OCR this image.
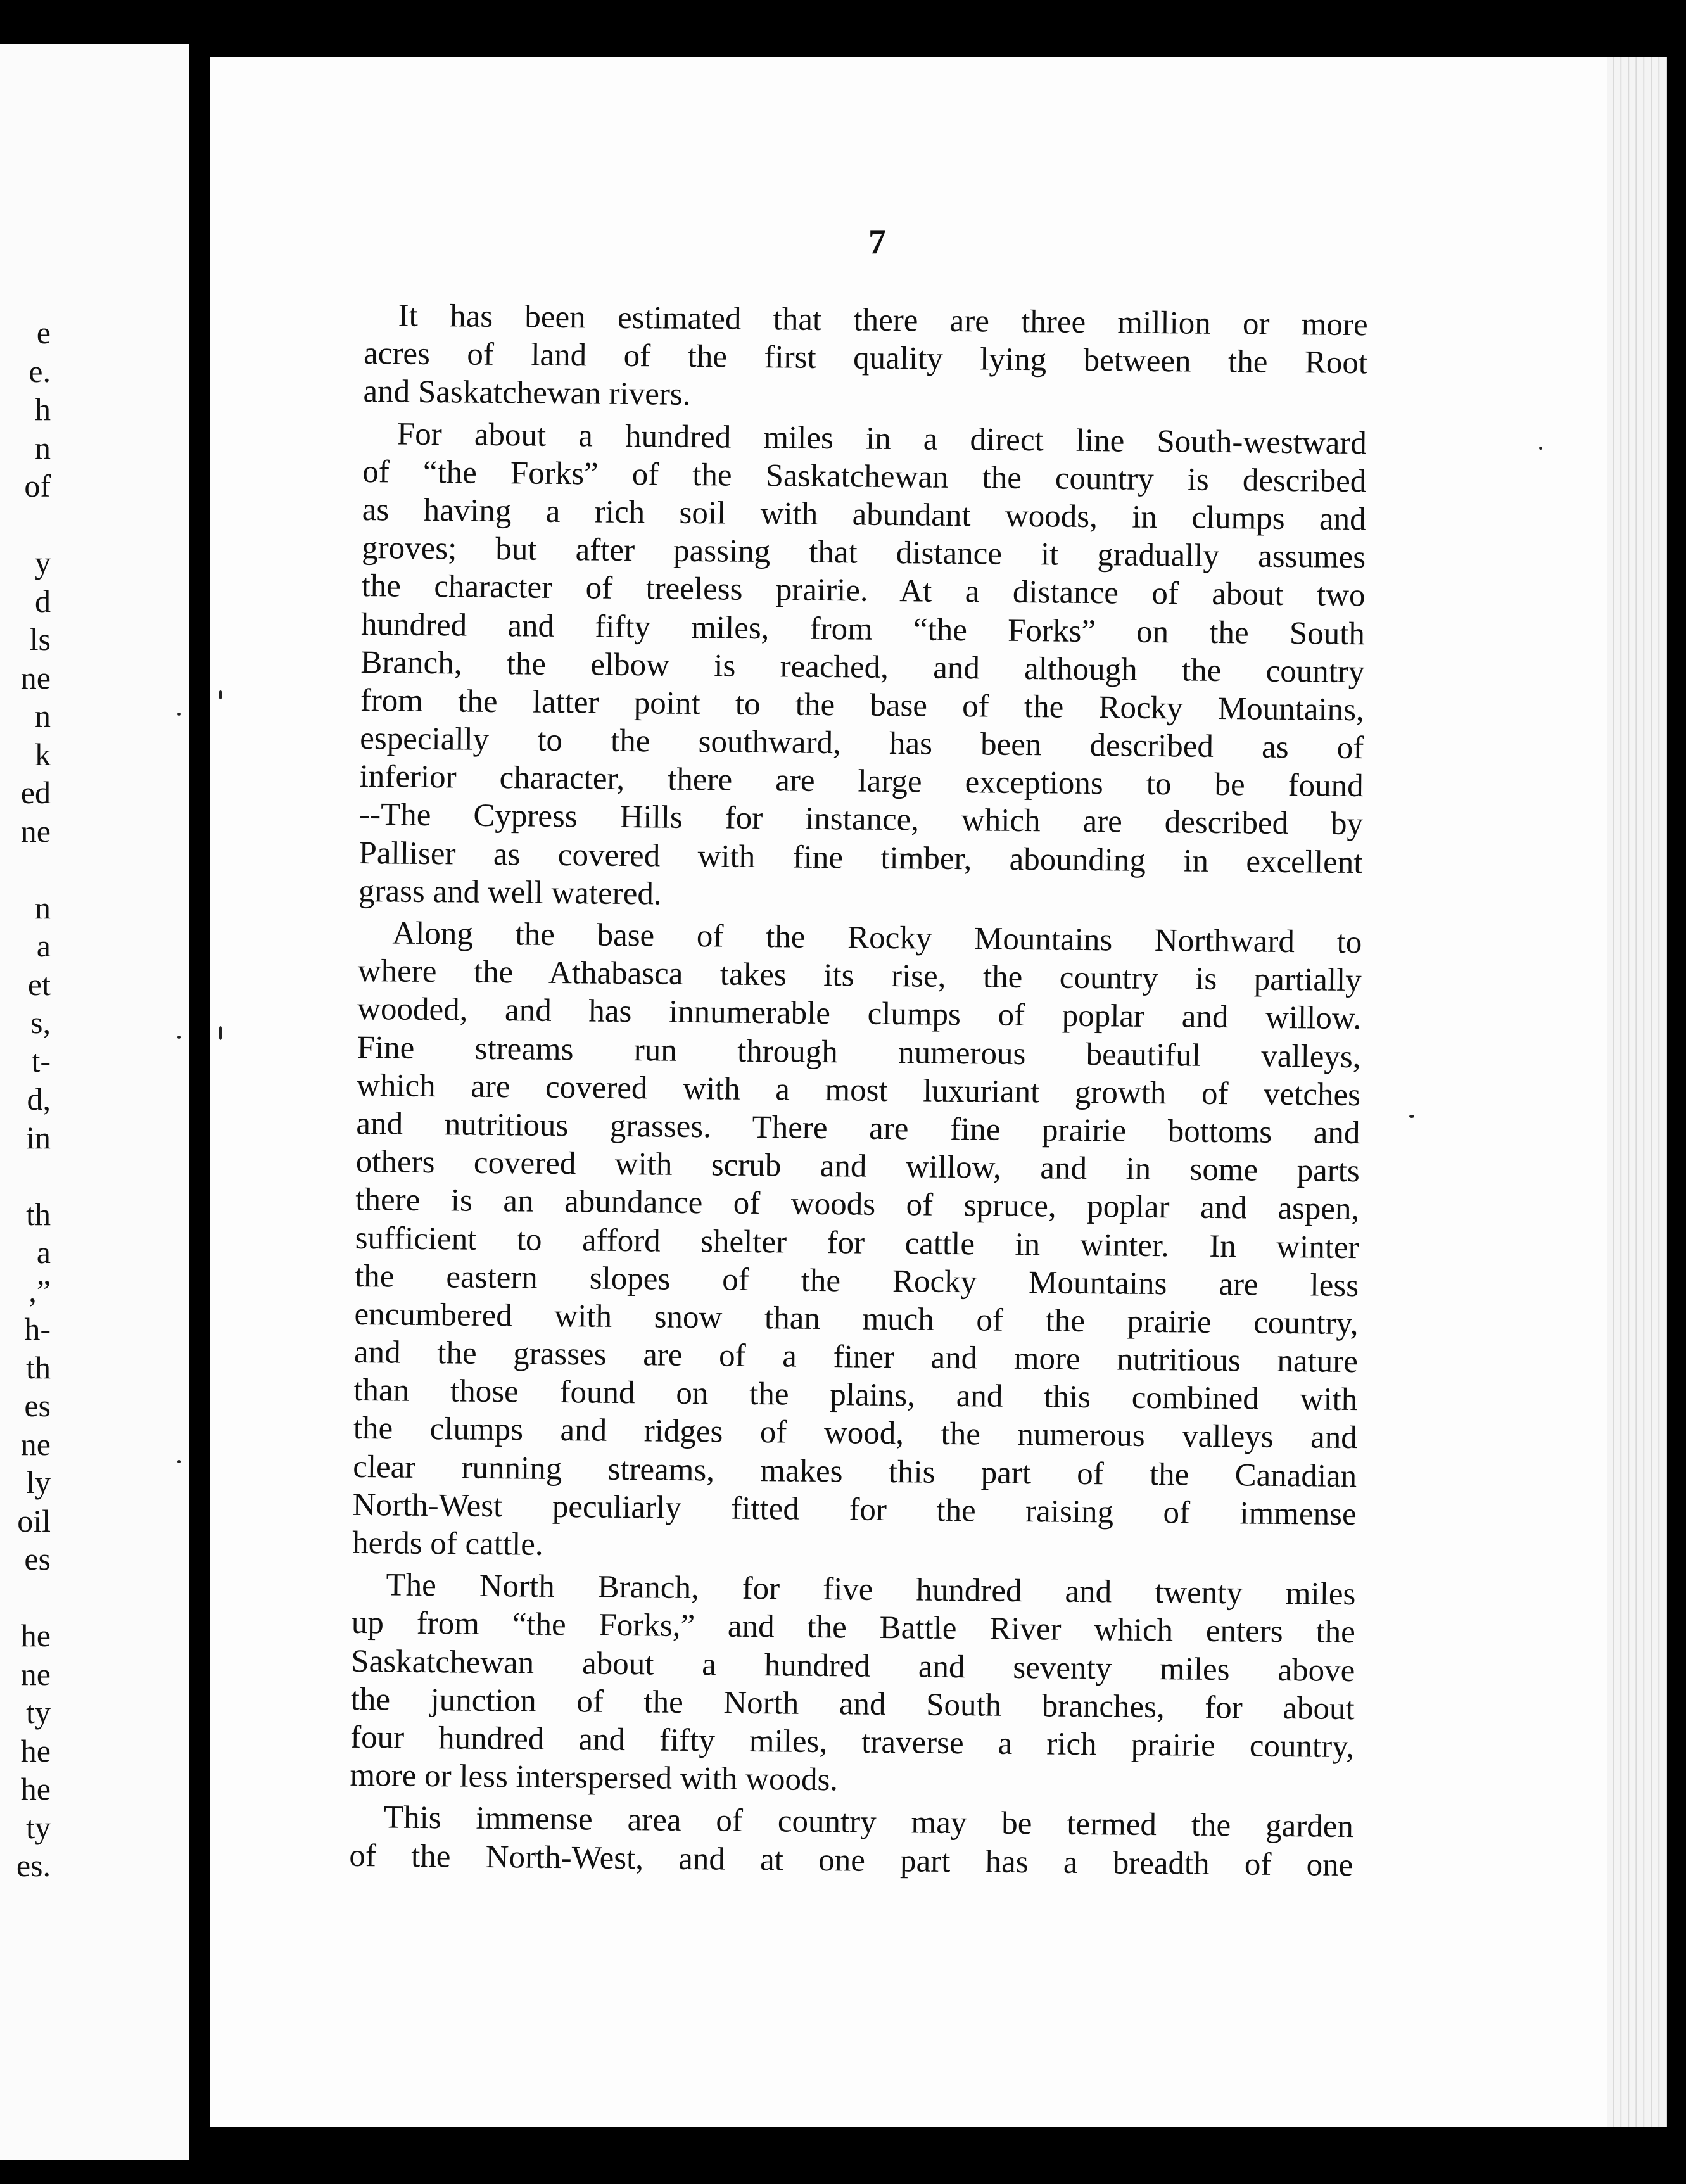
e
e.
h
n
of
y
d
ls
ne
n
k
ed
ne
n
a
et
s,
t-
d,
in
th
a
,”
h-
th
es
ne
ly
oil
es
he
ne
ty
he
he
ty
es.
7
It has been estimated that there are three million or more
acres of land of the first quality lying between the Root
and Saskatchewan rivers.
For about a hundred miles in a direct line South-westward
of “the Forks” of the Saskatchewan the country is described
as having a rich soil with abundant woods, in clumps and
groves; but after passing that distance it gradually assumes
the character of treeless prairie. At a distance of about two
hundred and fifty miles, from “the Forks” on the South
Branch, the elbow is reached, and although the country
from the latter point to the base of the Rocky Mountains,
especially to the southward, has been described as of
inferior character, there are large exceptions to be found
--The Cypress Hills for instance, which are described by
Palliser as covered with fine timber, abounding in excellent
grass and well watered.
Along the base of the Rocky Mountains Northward to
where the Athabasca takes its rise, the country is partially
wooded, and has innumerable clumps of poplar and willow.
Fine streams run through numerous beautiful valleys,
which are covered with a most luxuriant growth of vetches
and nutritious grasses. There are fine prairie bottoms and
others covered with scrub and willow, and in some parts
there is an abundance of woods of spruce, poplar and aspen,
sufficient to afford shelter for cattle in winter. In winter
the eastern slopes of the Rocky Mountains are less
encumbered with snow than much of the prairie country,
and the grasses are of a finer and more nutritious nature
than those found on the plains, and this combined with
the clumps and ridges of wood, the numerous valleys and
clear running streams, makes this part of the Canadian
North-West peculiarly fitted for the raising of immense
herds of cattle.
The North Branch, for five hundred and twenty miles
up from “the Forks,” and the Battle River which enters the
Saskatchewan about a hundred and seventy miles above
the junction of the North and South branches, for about
four hundred and fifty miles, traverse a rich prairie country,
more or less interspersed with woods.
This immense area of country may be termed the garden
of the North-West, and at one part has a breadth of one
